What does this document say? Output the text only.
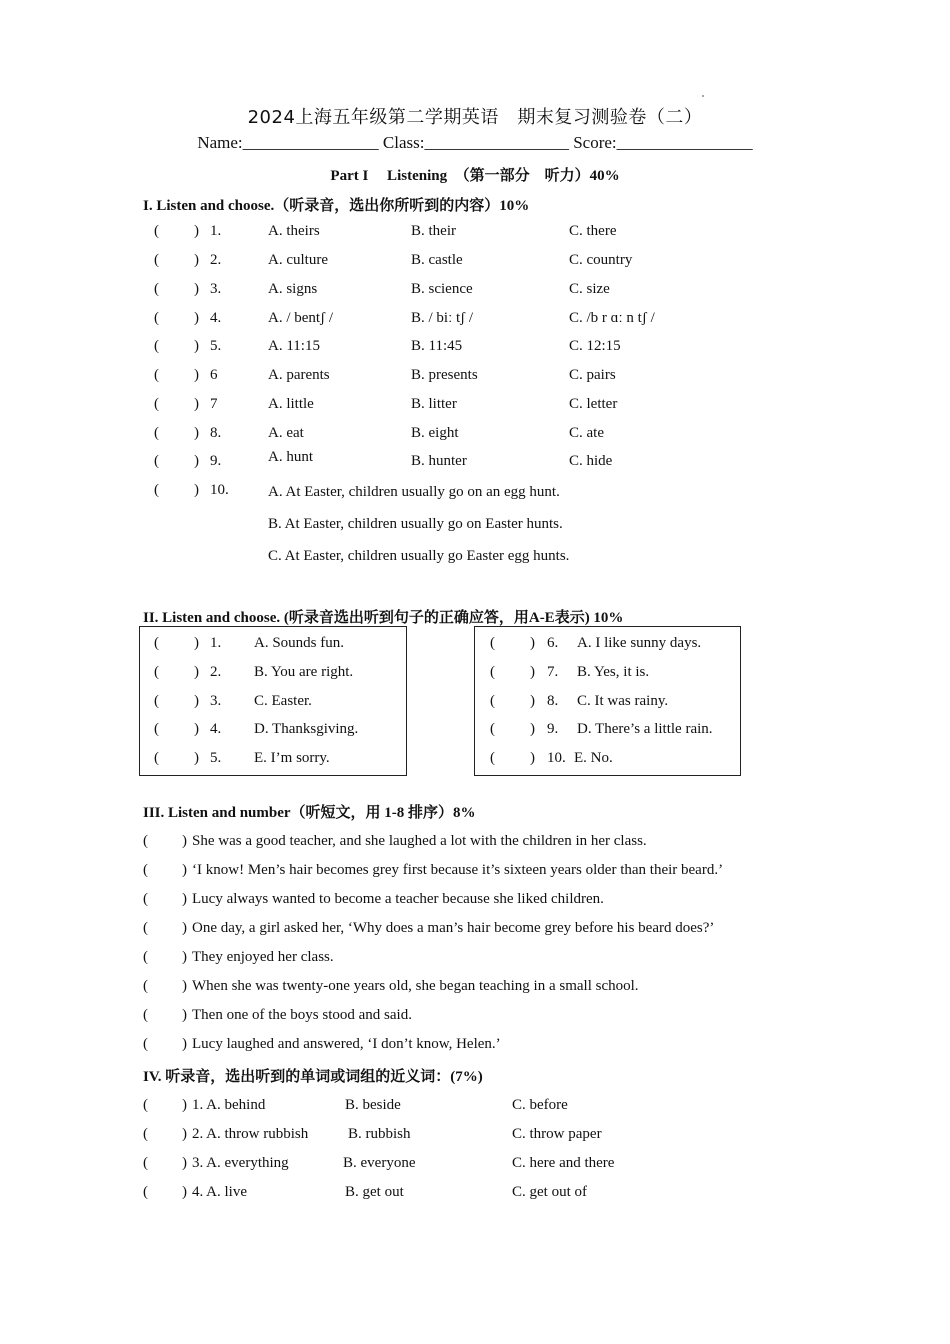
2024上海五年级第二学期英语　期末复习测验卷（二）
Name:________________ Class:_________________ Score:________________
Part I　 Listening　（第一部分　听力）40%
I. Listen and choose.（听录音，选出你所听到的内容）10%
( ) 1.	A. theirs	B. their	C. there
( ) 2.	A. culture	B. castle	C. country
( ) 3.	A. signs	B. science	C. size
( ) 4.	A. / bentʃ /	B. / biː tʃ /	C. /b r ɑː n tʃ /
( ) 5.	A. 11:15	B. 11:45	C. 12:15
( ) 6	A. parents	B. presents	C. pairs
( ) 7	A. little	B. litter	C. letter
( ) 8.	A. eat	B. eight	C. ate
( ) 9.	A. hunt	B. hunter	C. hide
( ) 10.	A. At Easter, children usually go on an egg hunt.
B. At Easter, children usually go on Easter hunts.
C. At Easter, children usually go Easter egg hunts.
II. Listen and choose. (听录音选出听到句子的正确应答，用A-E表示) 10%
( ) 1. A. Sounds fun.
( ) 2. B. You are right.
( ) 3. C. Easter.
( ) 4. D. Thanksgiving.
( ) 5. E. I’m sorry.
( ) 6. A. I like sunny days.
( ) 7. B. Yes, it is.
( ) 8. C. It was rainy.
( ) 9. D. There’s a little rain.
( ) 10. E. No.
III. Listen and number（听短文，用 1-8 排序）8%
( ) She was a good teacher, and she laughed a lot with the children in her class.
( ) ‘I know! Men’s hair becomes grey first because it’s sixteen years older than their beard.’
( ) Lucy always wanted to become a teacher because she liked children.
( ) One day, a girl asked her, ‘Why does a man’s hair become grey before his beard does?’
( ) They enjoyed her class.
( ) When she was twenty-one years old, she began teaching in a small school.
( ) Then one of the boys stood and said.
( ) Lucy laughed and answered, ‘I don’t know, Helen.’
IV. 听录音，选出听到的单词或词组的近义词：(7%)
( ) 1. A. behind	B. beside	C. before
( ) 2. A. throw rubbish	B. rubbish	C. throw paper
( ) 3. A. everything	B. everyone	C. here and there
( ) 4. A. live	B. get out	C. get out of
